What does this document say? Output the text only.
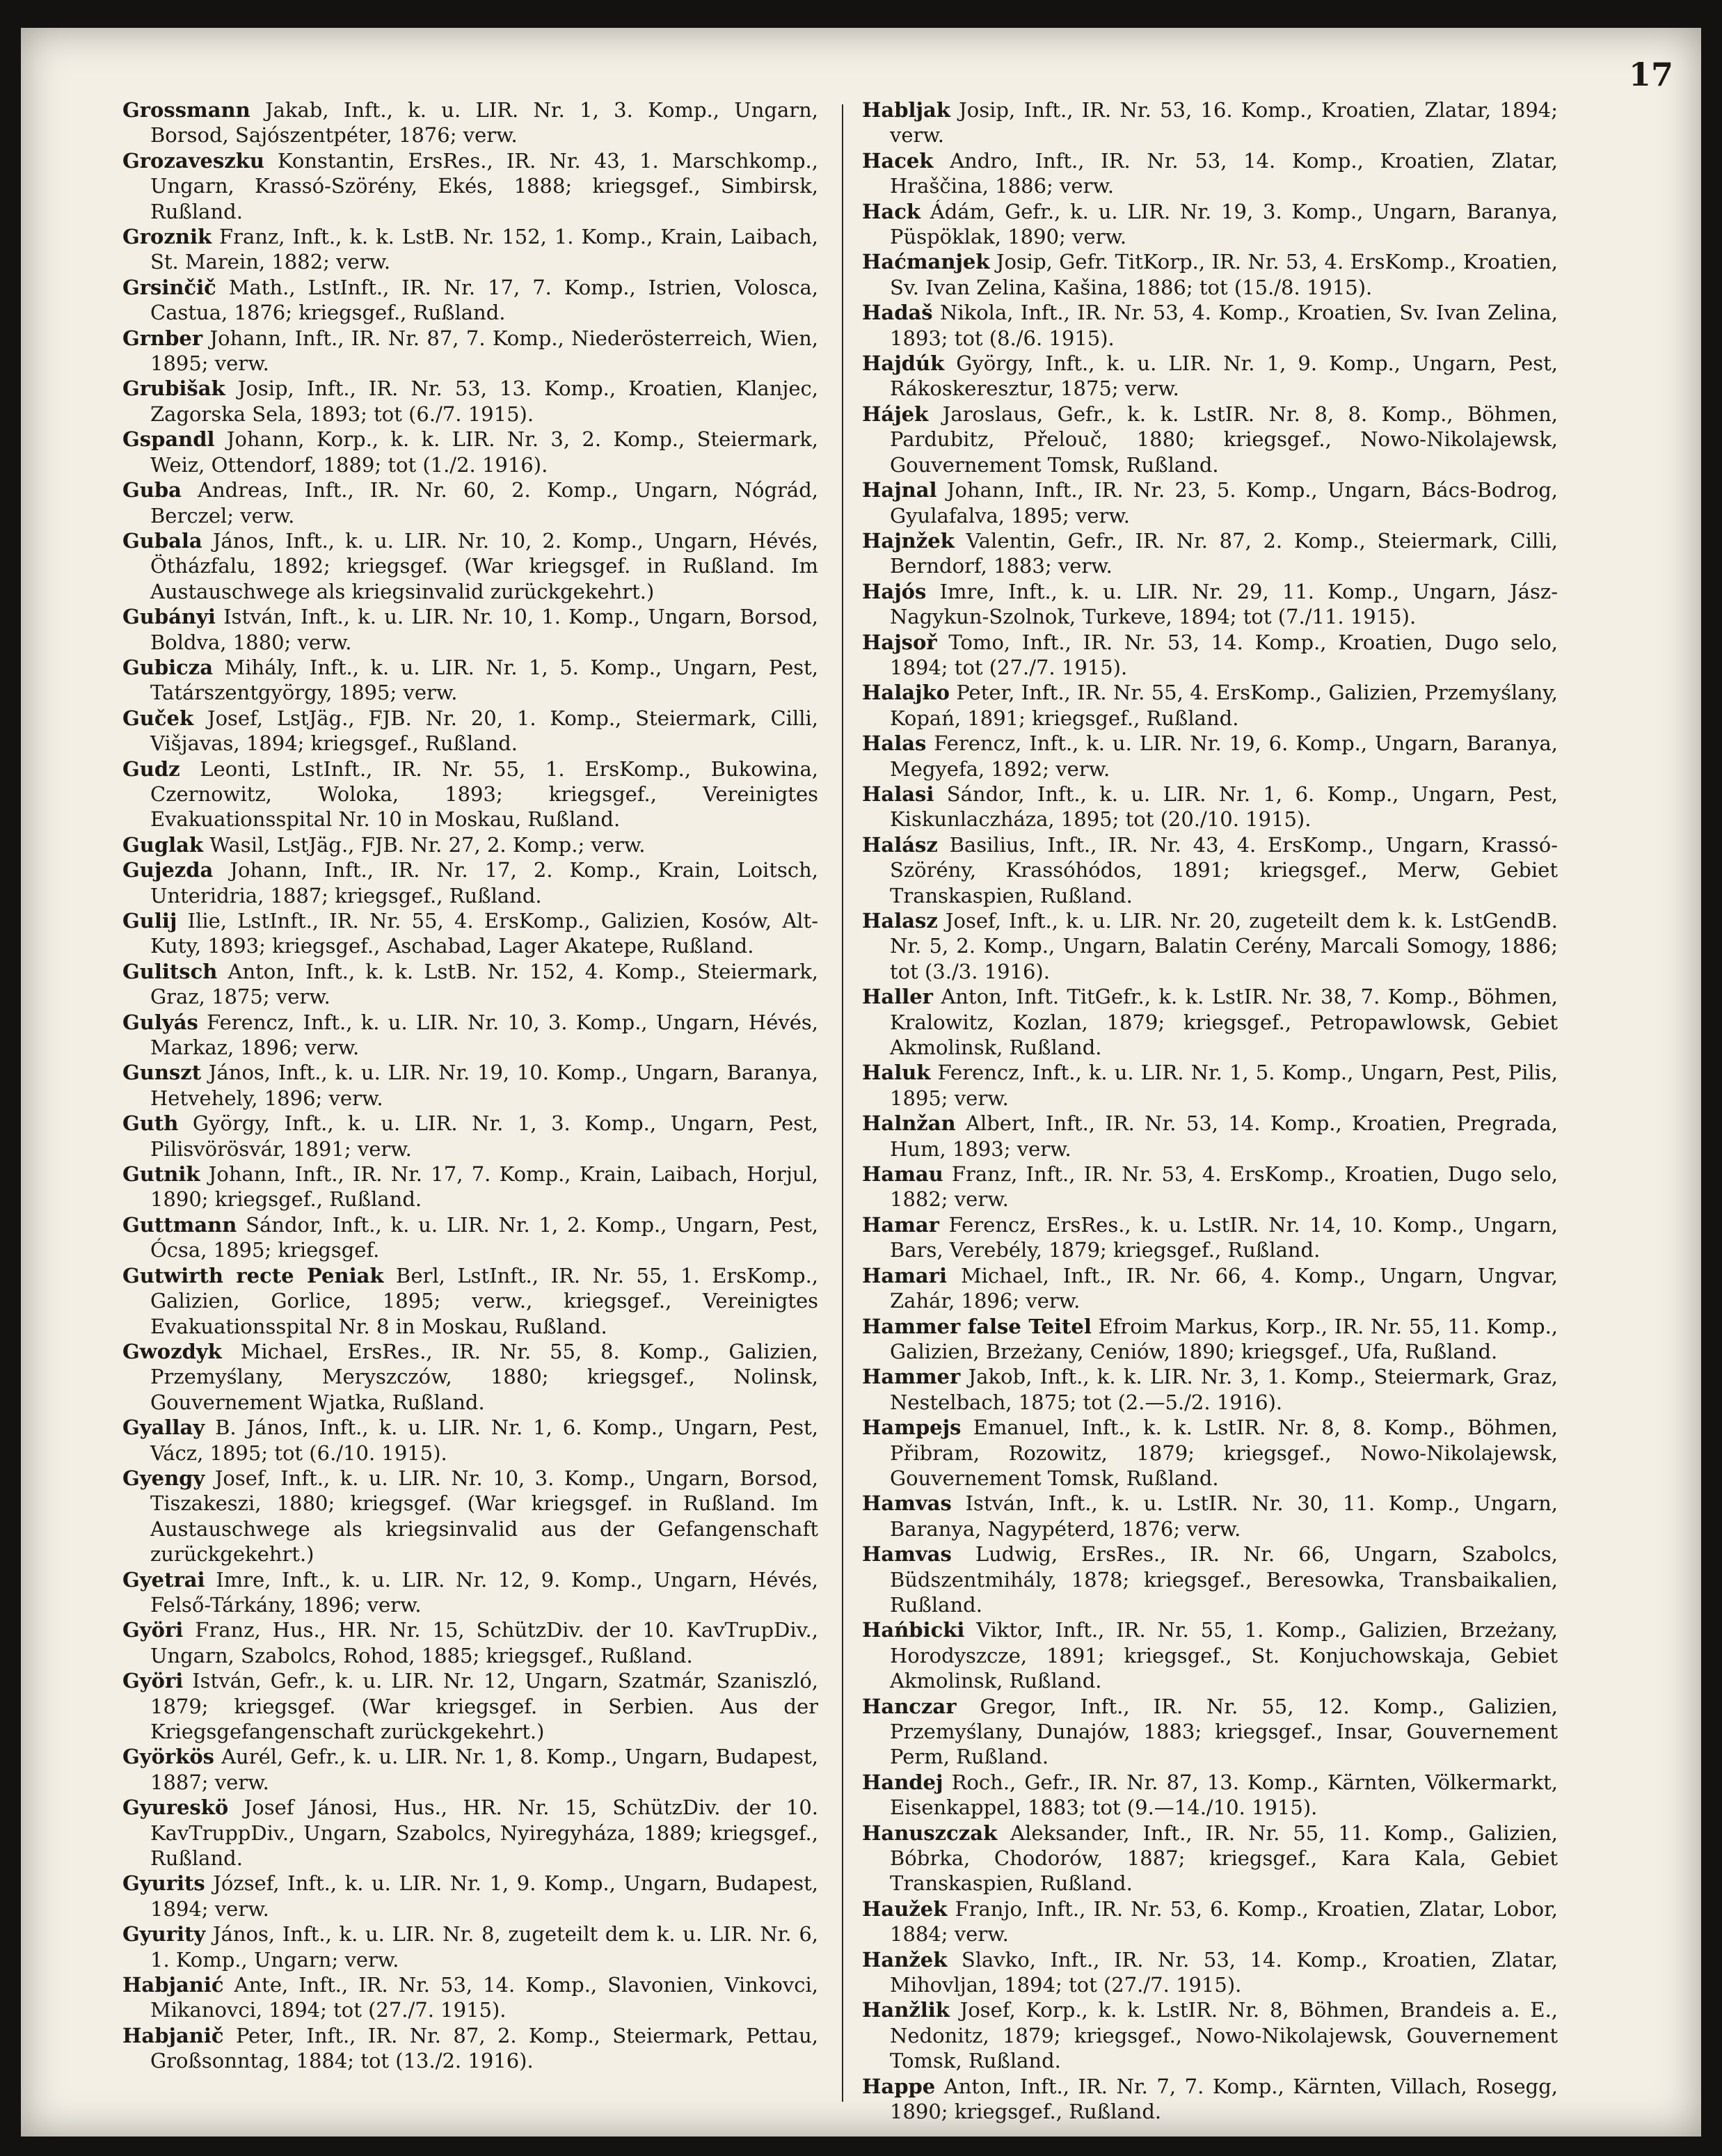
17
Grossmann Jakab, Inft., k. u. LIR. Nr. 1, 3. Komp., Ungarn, Borsod, Sajószentpéter, 1876; verw.
Grozaveszku Konstantin, ErsRes., IR. Nr. 43, 1. Marschkomp., Ungarn, Krassó-Szörény, Ekés, 1888; kriegsgef., Simbirsk, Rußland.
Groznik Franz, Inft., k. k. LstB. Nr. 152, 1. Komp., Krain, Laibach, St. Marein, 1882; verw.
Grsinčič Math., LstInft., IR. Nr. 17, 7. Komp., Istrien, Volosca, Castua, 1876; kriegsgef., Rußland.
Grnber Johann, Inft., IR. Nr. 87, 7. Komp., Niederösterreich, Wien, 1895; verw.
Grubišak Josip, Inft., IR. Nr. 53, 13. Komp., Kroatien, Klanjec, Zagorska Sela, 1893; tot (6./7. 1915).
Gspandl Johann, Korp., k. k. LIR. Nr. 3, 2. Komp., Steiermark, Weiz, Ottendorf, 1889; tot (1./2. 1916).
Guba Andreas, Inft., IR. Nr. 60, 2. Komp., Ungarn, Nógrád, Berczel; verw.
Gubala János, Inft., k. u. LIR. Nr. 10, 2. Komp., Ungarn, Hévés, Ötházfalu, 1892; kriegsgef. (War kriegsgef. in Rußland. Im Austauschwege als kriegsinvalid zurückgekehrt.)
Gubányi István, Inft., k. u. LIR. Nr. 10, 1. Komp., Ungarn, Borsod, Boldva, 1880; verw.
Gubicza Mihály, Inft., k. u. LIR. Nr. 1, 5. Komp., Ungarn, Pest, Tatárszentgyörgy, 1895; verw.
Guček Josef, LstJäg., FJB. Nr. 20, 1. Komp., Steiermark, Cilli, Višjavas, 1894; kriegsgef., Rußland.
Gudz Leonti, LstInft., IR. Nr. 55, 1. ErsKomp., Bukowina, Czernowitz, Woloka, 1893; kriegsgef., Vereinigtes Evakuationsspital Nr. 10 in Moskau, Rußland.
Guglak Wasil, LstJäg., FJB. Nr. 27, 2. Komp.; verw.
Gujezda Johann, Inft., IR. Nr. 17, 2. Komp., Krain, Loitsch, Unteridria, 1887; kriegsgef., Rußland.
Gulij Ilie, LstInft., IR. Nr. 55, 4. ErsKomp., Galizien, Kosów, Alt-Kuty, 1893; kriegsgef., Aschabad, Lager Akatepe, Rußland.
Gulitsch Anton, Inft., k. k. LstB. Nr. 152, 4. Komp., Steiermark, Graz, 1875; verw.
Gulyás Ferencz, Inft., k. u. LIR. Nr. 10, 3. Komp., Ungarn, Hévés, Markaz, 1896; verw.
Gunszt János, Inft., k. u. LIR. Nr. 19, 10. Komp., Ungarn, Baranya, Hetvehely, 1896; verw.
Guth György, Inft., k. u. LIR. Nr. 1, 3. Komp., Ungarn, Pest, Pilisvörösvár, 1891; verw.
Gutnik Johann, Inft., IR. Nr. 17, 7. Komp., Krain, Laibach, Horjul, 1890; kriegsgef., Rußland.
Guttmann Sándor, Inft., k. u. LIR. Nr. 1, 2. Komp., Ungarn, Pest, Ócsa, 1895; kriegsgef.
Gutwirth recte Peniak Berl, LstInft., IR. Nr. 55, 1. ErsKomp., Galizien, Gorlice, 1895; verw., kriegsgef., Vereinigtes Evakuationsspital Nr. 8 in Moskau, Rußland.
Gwozdyk Michael, ErsRes., IR. Nr. 55, 8. Komp., Galizien, Przemyślany, Meryszczów, 1880; kriegsgef., Nolinsk, Gouvernement Wjatka, Rußland.
Gyallay B. János, Inft., k. u. LIR. Nr. 1, 6. Komp., Ungarn, Pest, Vácz, 1895; tot (6./10. 1915).
Gyengy Josef, Inft., k. u. LIR. Nr. 10, 3. Komp., Ungarn, Borsod, Tiszakeszi, 1880; kriegsgef. (War kriegsgef. in Rußland. Im Austauschwege als kriegsinvalid aus der Gefangenschaft zurückgekehrt.)
Gyetrai Imre, Inft., k. u. LIR. Nr. 12, 9. Komp., Ungarn, Hévés, Felső-Tárkány, 1896; verw.
Györi Franz, Hus., HR. Nr. 15, SchützDiv. der 10. KavTrupDiv., Ungarn, Szabolcs, Rohod, 1885; kriegsgef., Rußland.
Györi István, Gefr., k. u. LIR. Nr. 12, Ungarn, Szatmár, Szaniszló, 1879; kriegsgef. (War kriegsgef. in Serbien. Aus der Kriegsgefangenschaft zurückgekehrt.)
Györkös Aurél, Gefr., k. u. LIR. Nr. 1, 8. Komp., Ungarn, Budapest, 1887; verw.
Gyureskö Josef Jánosi, Hus., HR. Nr. 15, SchützDiv. der 10. KavTruppDiv., Ungarn, Szabolcs, Nyiregyháza, 1889; kriegsgef., Rußland.
Gyurits József, Inft., k. u. LIR. Nr. 1, 9. Komp., Ungarn, Budapest, 1894; verw.
Gyurity János, Inft., k. u. LIR. Nr. 8, zugeteilt dem k. u. LIR. Nr. 6, 1. Komp., Ungarn; verw.
Habjanić Ante, Inft., IR. Nr. 53, 14. Komp., Slavonien, Vinkovci, Mikanovci, 1894; tot (27./7. 1915).
Habjanič Peter, Inft., IR. Nr. 87, 2. Komp., Steiermark, Pettau, Großsonntag, 1884; tot (13./2. 1916).
Habljak Josip, Inft., IR. Nr. 53, 16. Komp., Kroatien, Zlatar, 1894; verw.
Hacek Andro, Inft., IR. Nr. 53, 14. Komp., Kroatien, Zlatar, Hraščina, 1886; verw.
Hack Ádám, Gefr., k. u. LIR. Nr. 19, 3. Komp., Ungarn, Baranya, Püspöklak, 1890; verw.
Haćmanjek Josip, Gefr. TitKorp., IR. Nr. 53, 4. ErsKomp., Kroatien, Sv. Ivan Zelina, Kašina, 1886; tot (15./8. 1915).
Hadaš Nikola, Inft., IR. Nr. 53, 4. Komp., Kroatien, Sv. Ivan Zelina, 1893; tot (8./6. 1915).
Hajdúk György, Inft., k. u. LIR. Nr. 1, 9. Komp., Ungarn, Pest, Rákoskeresztur, 1875; verw.
Hájek Jaroslaus, Gefr., k. k. LstIR. Nr. 8, 8. Komp., Böhmen, Pardubitz, Přelouč, 1880; kriegsgef., Nowo-Nikolajewsk, Gouvernement Tomsk, Rußland.
Hajnal Johann, Inft., IR. Nr. 23, 5. Komp., Ungarn, Bács-Bodrog, Gyulafalva, 1895; verw.
Hajnžek Valentin, Gefr., IR. Nr. 87, 2. Komp., Steiermark, Cilli, Berndorf, 1883; verw.
Hajós Imre, Inft., k. u. LIR. Nr. 29, 11. Komp., Ungarn, Jász-Nagykun-Szolnok, Turkeve, 1894; tot (7./11. 1915).
Hajsoř Tomo, Inft., IR. Nr. 53, 14. Komp., Kroatien, Dugo selo, 1894; tot (27./7. 1915).
Halajko Peter, Inft., IR. Nr. 55, 4. ErsKomp., Galizien, Przemyślany, Kopań, 1891; kriegsgef., Rußland.
Halas Ferencz, Inft., k. u. LIR. Nr. 19, 6. Komp., Ungarn, Baranya, Megyefa, 1892; verw.
Halasi Sándor, Inft., k. u. LIR. Nr. 1, 6. Komp., Ungarn, Pest, Kiskunlaczháza, 1895; tot (20./10. 1915).
Halász Basilius, Inft., IR. Nr. 43, 4. ErsKomp., Ungarn, Krassó-Szörény, Krassóhódos, 1891; kriegsgef., Merw, Gebiet Transkaspien, Rußland.
Halasz Josef, Inft., k. u. LIR. Nr. 20, zugeteilt dem k. k. LstGendB. Nr. 5, 2. Komp., Ungarn, Balatin Cerény, Marcali Somogy, 1886; tot (3./3. 1916).
Haller Anton, Inft. TitGefr., k. k. LstIR. Nr. 38, 7. Komp., Böhmen, Kralowitz, Kozlan, 1879; kriegsgef., Petropawlowsk, Gebiet Akmolinsk, Rußland.
Haluk Ferencz, Inft., k. u. LIR. Nr. 1, 5. Komp., Ungarn, Pest, Pilis, 1895; verw.
Halnžan Albert, Inft., IR. Nr. 53, 14. Komp., Kroatien, Pregrada, Hum, 1893; verw.
Hamau Franz, Inft., IR. Nr. 53, 4. ErsKomp., Kroatien, Dugo selo, 1882; verw.
Hamar Ferencz, ErsRes., k. u. LstIR. Nr. 14, 10. Komp., Ungarn, Bars, Verebély, 1879; kriegsgef., Rußland.
Hamari Michael, Inft., IR. Nr. 66, 4. Komp., Ungarn, Ungvar, Zahár, 1896; verw.
Hammer false Teitel Efroim Markus, Korp., IR. Nr. 55, 11. Komp., Galizien, Brzeżany, Ceniów, 1890; kriegsgef., Ufa, Rußland.
Hammer Jakob, Inft., k. k. LIR. Nr. 3, 1. Komp., Steiermark, Graz, Nestelbach, 1875; tot (2.—5./2. 1916).
Hampejs Emanuel, Inft., k. k. LstIR. Nr. 8, 8. Komp., Böhmen, Přibram, Rozowitz, 1879; kriegsgef., Nowo-Nikolajewsk, Gouvernement Tomsk, Rußland.
Hamvas István, Inft., k. u. LstIR. Nr. 30, 11. Komp., Ungarn, Baranya, Nagypéterd, 1876; verw.
Hamvas Ludwig, ErsRes., IR. Nr. 66, Ungarn, Szabolcs, Büdszentmihály, 1878; kriegsgef., Beresowka, Transbaikalien, Rußland.
Hańbicki Viktor, Inft., IR. Nr. 55, 1. Komp., Galizien, Brzeżany, Horodyszcze, 1891; kriegsgef., St. Konjuchowskaja, Gebiet Akmolinsk, Rußland.
Hanczar Gregor, Inft., IR. Nr. 55, 12. Komp., Galizien, Przemyślany, Dunajów, 1883; kriegsgef., Insar, Gouvernement Perm, Rußland.
Handej Roch., Gefr., IR. Nr. 87, 13. Komp., Kärnten, Völkermarkt, Eisenkappel, 1883; tot (9.—14./10. 1915).
Hanuszczak Aleksander, Inft., IR. Nr. 55, 11. Komp., Galizien, Bóbrka, Chodorów, 1887; kriegsgef., Kara Kala, Gebiet Transkaspien, Rußland.
Haužek Franjo, Inft., IR. Nr. 53, 6. Komp., Kroatien, Zlatar, Lobor, 1884; verw.
Hanžek Slavko, Inft., IR. Nr. 53, 14. Komp., Kroatien, Zlatar, Mihovljan, 1894; tot (27./7. 1915).
Hanžlik Josef, Korp., k. k. LstIR. Nr. 8, Böhmen, Brandeis a. E., Nedonitz, 1879; kriegsgef., Nowo-Nikolajewsk, Gouvernement Tomsk, Rußland.
Happe Anton, Inft., IR. Nr. 7, 7. Komp., Kärnten, Villach, Rosegg, 1890; kriegsgef., Rußland.
